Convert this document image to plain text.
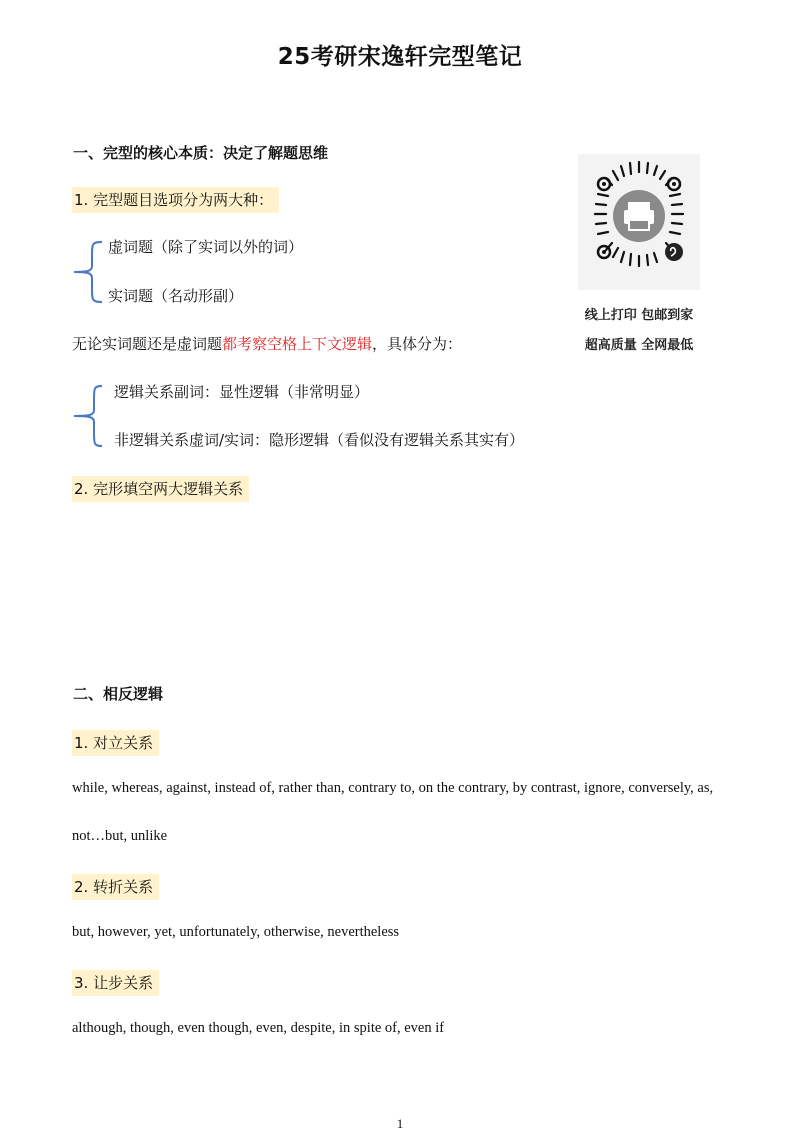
25考研宋逸轩完型笔记
一、完型的核心本质：决定了解题思维
1. 完型题目选项分为两大种：
虚词题（除了实词以外的词）
实词题（名动形副）
无论实词题还是虚词题都考察空格上下文逻辑，具体分为：
逻辑关系副词：显性逻辑（非常明显）
非逻辑关系虚词/实词：隐形逻辑（看似没有逻辑关系其实有）
2. 完形填空两大逻辑关系
线上打印 包邮到家
超高质量 全网最低
二、相反逻辑
1. 对立关系
while, whereas, against, instead of, rather than, contrary to, on the contrary, by contrast, ignore, conversely, as,
not…but, unlike
2. 转折关系
but, however, yet, unfortunately, otherwise, nevertheless
3. 让步关系
although, though, even though, even, despite, in spite of, even if
1
